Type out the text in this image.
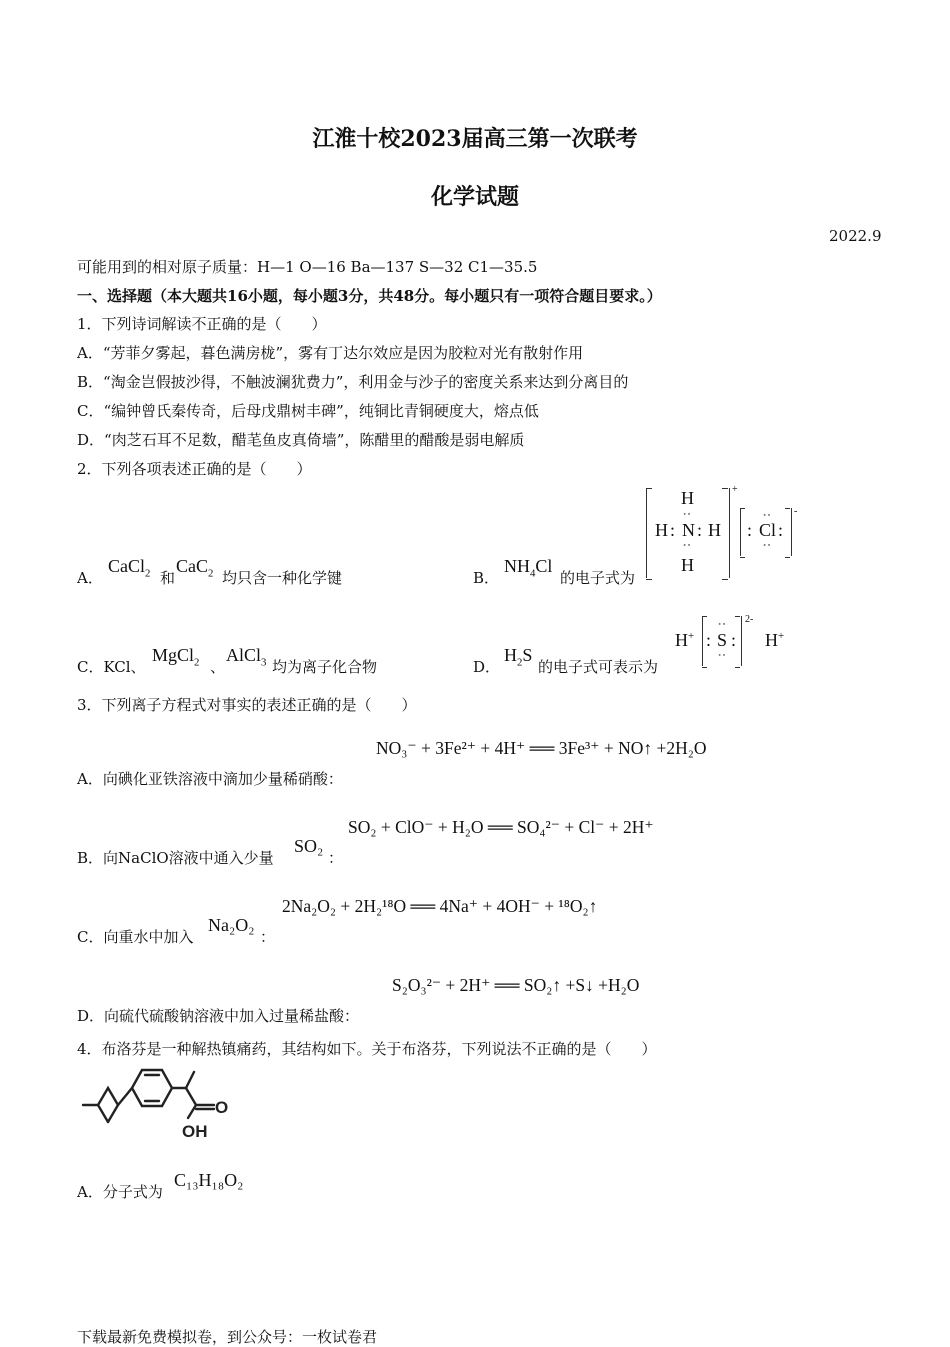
江淮十校2023届高三第一次联考
化学试题
2022.9
可能用到的相对原子质量：H—1 O—16 Ba—137 S—32 C1—35.5
一、选择题（本大题共16小题，每小题3分，共48分。每小题只有一项符合题目要求。）
1．下列诗词解读不正确的是（　　）
A．“芳菲夕雾起，暮色满房栊”，雾有丁达尔效应是因为胶粒对光有散射作用
B．“淘金岂假披沙得，不触波澜犹费力”，利用金与沙子的密度关系来达到分离目的
C．“编钟曾氏秦传奇，后母戊鼎树丰碑”，纯铜比青铜硬度大，熔点低
D．“肉芝石耳不足数，醋芼鱼皮真倚墙”，陈醋里的醋酸是弱电解质
2．下列各项表述正确的是（　　）
A．
CaCl$_2$ 和
CaC$_2$ 均只含一种化学键	B．
$NH_4Cl$
的电子式为
H
∙∙
H : N : H
∙∙
H
+
∙∙
: Cl :
∙∙
-
C．KCl、
MgCl$_2$ 、
AlCl$_3$ 均为离子化合物	D．
$H_2S$
的电子式可表示为
H+
∙∙
: S :
∙∙
2-
H+
3．下列离子方程式对事实的表述正确的是（　　）
NO₃⁻ + 3Fe²⁺ + 4H⁺ ══ 3Fe³⁺ + NO↑ +2H₂O
A．向碘化亚铁溶液中滴加少量稀硝酸：
SO₂ + ClO⁻ + H₂O ══ SO₄²⁻ + Cl⁻ + 2H⁺
B．向NaClO溶液中通入少量
SO₂
：
2Na₂O₂ + 2H₂¹⁸O ══ 4Na⁺ + 4OH⁻ + ¹⁸O₂↑
C．向重水中加入
Na₂O₂
：
S₂O₃²⁻ + 2H⁺ ══ SO₂↑ +S↓ +H₂O
D．向硫代硫酸钠溶液中加入过量稀盐酸：
4．布洛芬是一种解热镇痛药，其结构如下。关于布洛芬，下列说法不正确的是（　　）
O
OH
A．分子式为
C₁₃H₁₈O₂
下载最新免费模拟卷，到公众号：一枚试卷君
